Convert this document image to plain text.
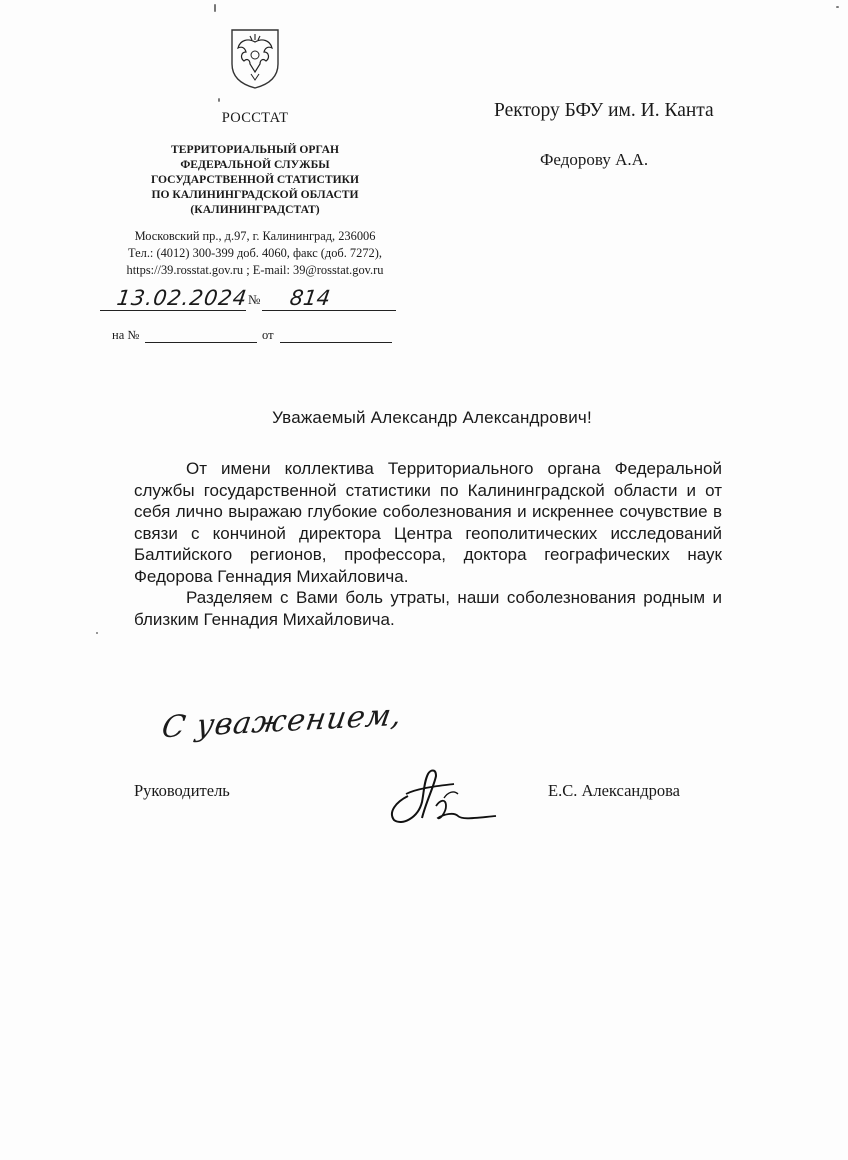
РОССТАТ
ТЕРРИТОРИАЛЬНЫЙ ОРГАН
ФЕДЕРАЛЬНОЙ СЛУЖБЫ
ГОСУДАРСТВЕННОЙ СТАТИСТИКИ
ПО КАЛИНИНГРАДСКОЙ ОБЛАСТИ
(КАЛИНИНГРАДСТАТ)
Московский пр., д.97, г. Калининград, 236006
Тел.: (4012) 300-399 доб. 4060, факс (доб. 7272),
https://39.rosstat.gov.ru ; E-mail: 39@rosstat.gov.ru
13.02.2024 № 814
на №	от
Ректору БФУ им. И. Канта
Федорову А.А.
Уважаемый Александр Александрович!

От имени коллектива Территориального органа Федеральной службы государственной статистики по Калининградской области и от себя лично выражаю глубокие соболезнования и искреннее сочувствие в связи с кончиной директора Центра геополитических исследований Балтийского регионов, профессора, доктора географических наук Федорова Геннадия Михайловича.

Разделяем с Вами боль утраты, наши соболезнования родным и близким Геннадия Михайловича.

С уважением,
Руководитель	Е.С. Александрова
